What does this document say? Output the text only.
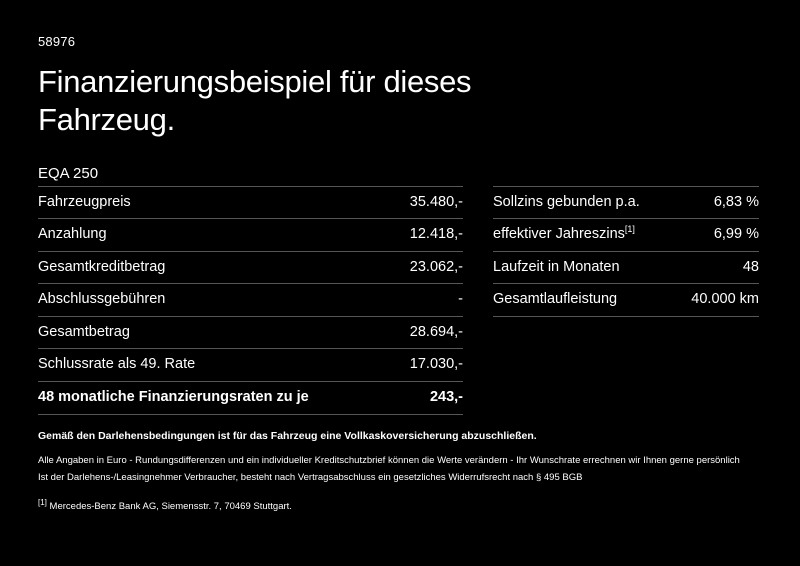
58976
Finanzierungsbeispiel für dieses Fahrzeug.
EQA 250
Fahrzeugpreis	35.480,-
Anzahlung	12.418,-
Gesamtkreditbetrag	23.062,-
Abschlussgebühren	-
Gesamtbetrag	28.694,-
Schlussrate als 49. Rate	17.030,-
48 monatliche Finanzierungsraten zu je	243,-
Sollzins gebunden p.a.	6,83 %
effektiver Jahreszins[1]	6,99 %
Laufzeit in Monaten	48
Gesamtlaufleistung	40.000 km

Gemäß den Darlehensbedingungen ist für das Fahrzeug eine Vollkaskoversicherung abzuschließen.

Alle Angaben in Euro - Rundungsdifferenzen und ein individueller Kreditschutzbrief können die Werte verändern - Ihr Wunschrate errechnen wir Ihnen gerne persönlich

Ist der Darlehens-/Leasingnehmer Verbraucher, besteht nach Vertragsabschluss ein gesetzliches Widerrufsrecht nach § 495 BGB

[1] Mercedes-Benz Bank AG, Siemensstr. 7, 70469 Stuttgart.
